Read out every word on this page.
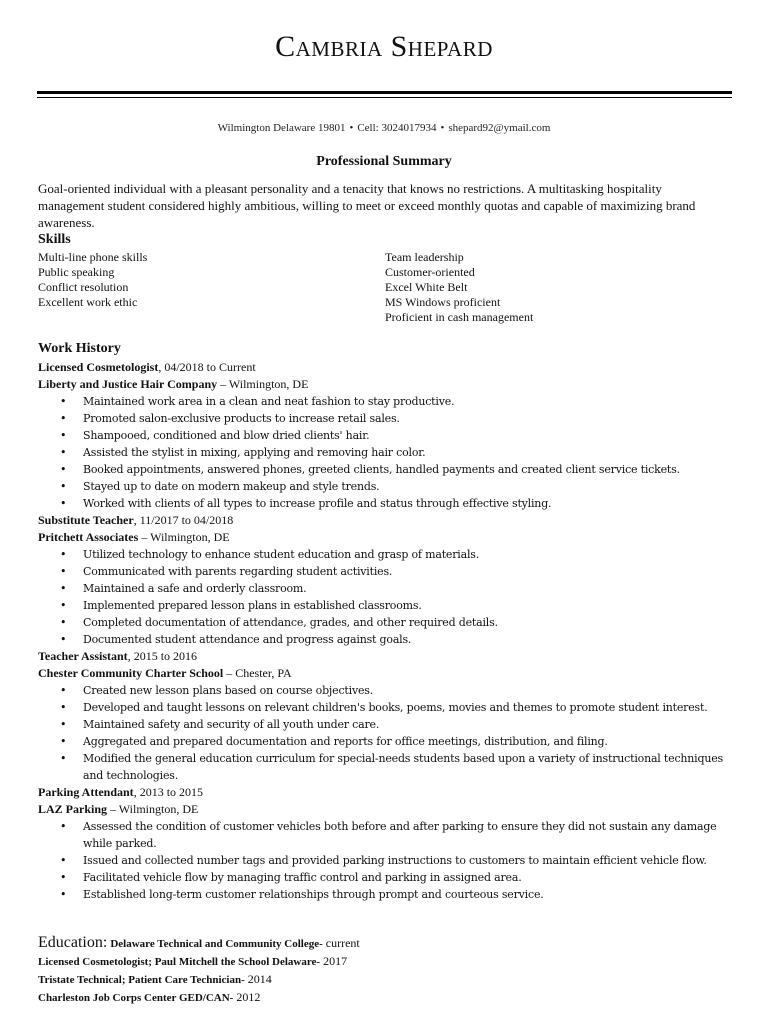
Cambria Shepard
Wilmington Delaware 19801 • Cell: 3024017934 • shepard92@ymail.com
Professional Summary
Goal-oriented individual with a pleasant personality and a tenacity that knows no restrictions. A multitasking hospitality management student considered highly ambitious, willing to meet or exceed monthly quotas and capable of maximizing brand awareness.
Skills
Multi-line phone skills
Public speaking
Conflict resolution
Excellent work ethic
Team leadership
Customer-oriented
Excel White Belt
MS Windows proficient
Proficient in cash management
Work History
Licensed Cosmetologist, 04/2018 to Current
Liberty and Justice Hair Company – Wilmington, DE
• Maintained work area in a clean and neat fashion to stay productive.
• Promoted salon-exclusive products to increase retail sales.
• Shampooed, conditioned and blow dried clients' hair.
• Assisted the stylist in mixing, applying and removing hair color.
• Booked appointments, answered phones, greeted clients, handled payments and created client service tickets.
• Stayed up to date on modern makeup and style trends.
• Worked with clients of all types to increase profile and status through effective styling.
Substitute Teacher, 11/2017 to 04/2018
Pritchett Associates – Wilmington, DE
• Utilized technology to enhance student education and grasp of materials.
• Communicated with parents regarding student activities.
• Maintained a safe and orderly classroom.
• Implemented prepared lesson plans in established classrooms.
• Completed documentation of attendance, grades, and other required details.
• Documented student attendance and progress against goals.
Teacher Assistant, 2015 to 2016
Chester Community Charter School – Chester, PA
• Created new lesson plans based on course objectives.
• Developed and taught lessons on relevant children's books, poems, movies and themes to promote student interest.
• Maintained safety and security of all youth under care.
• Aggregated and prepared documentation and reports for office meetings, distribution, and filing.
• Modified the general education curriculum for special-needs students based upon a variety of instructional techniques and technologies.
Parking Attendant, 2013 to 2015
LAZ Parking – Wilmington, DE
• Assessed the condition of customer vehicles both before and after parking to ensure they did not sustain any damage while parked.
• Issued and collected number tags and provided parking instructions to customers to maintain efficient vehicle flow.
• Facilitated vehicle flow by managing traffic control and parking in assigned area.
• Established long-term customer relationships through prompt and courteous service.
Education: Delaware Technical and Community College- current
Licensed Cosmetologist; Paul Mitchell the School Delaware- 2017
Tristate Technical; Patient Care Technician- 2014
Charleston Job Corps Center GED/CAN- 2012
